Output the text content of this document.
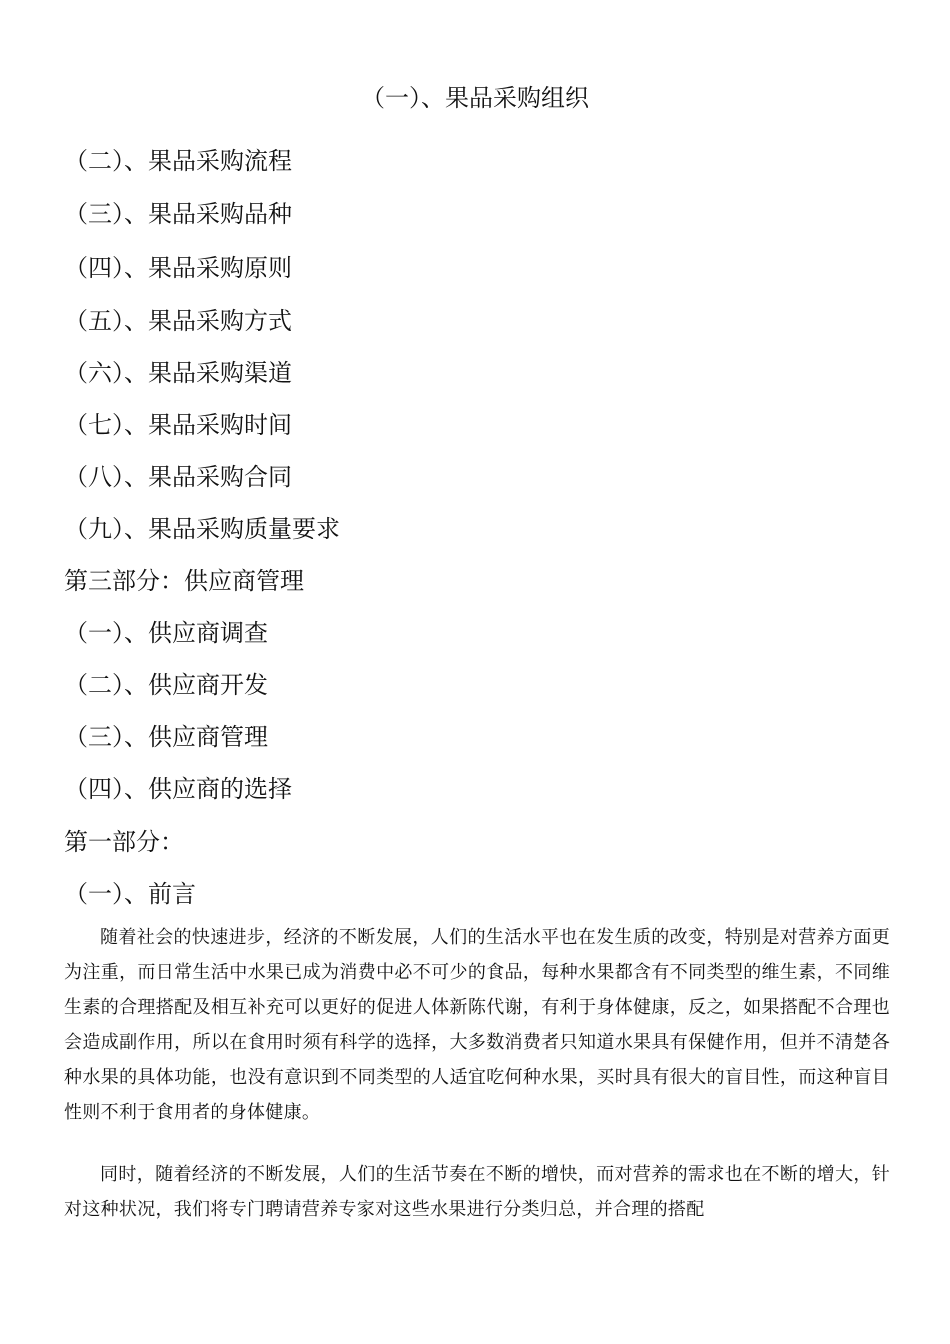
（一）、果品采购组织
（二）、果品采购流程
（三）、果品采购品种
（四）、果品采购原则
（五）、果品采购方式
（六）、果品采购渠道
（七）、果品采购时间
（八）、果品采购合同
（九）、果品采购质量要求
第三部分：供应商管理
（一）、供应商调查
（二）、供应商开发
（三）、供应商管理
（四）、供应商的选择
第一部分：
（一）、前言
随着社会的快速进步，经济的不断发展，人们的生活水平也在发生质的改变，特别是对营养方面更为注重，而日常生活中水果已成为消费中必不可少的食品，每种水果都含有不同类型的维生素，不同维生素的合理搭配及相互补充可以更好的促进人体新陈代谢，有利于身体健康，反之，如果搭配不合理也会造成副作用，所以在食用时须有科学的选择，大多数消费者只知道水果具有保健作用，但并不清楚各种水果的具体功能，也没有意识到不同类型的人适宜吃何种水果，买时具有很大的盲目性，而这种盲目性则不利于食用者的身体健康。
同时，随着经济的不断发展，人们的生活节奏在不断的增快，而对营养的需求也在不断的增大，针对这种状况，我们将专门聘请营养专家对这些水果进行分类归总，并合理的搭配
